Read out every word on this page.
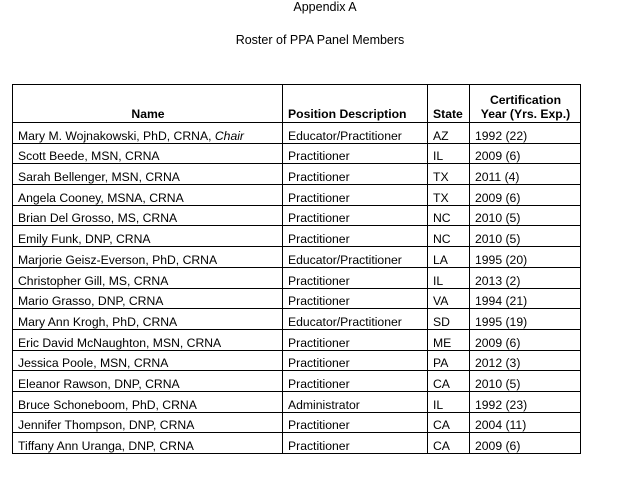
Appendix A

Roster of PPA Panel Members

Name	Position Description	State	Certification
Year (Yrs. Exp.)

Mary M. Wojnakowski, PhD, CRNA, Chair	Educator/Practitioner	AZ	1992 (22)
Scott Beede, MSN, CRNA	Practitioner	IL	2009 (6)
Sarah Bellenger, MSN, CRNA	Practitioner	TX	2011 (4)
Angela Cooney, MSNA, CRNA	Practitioner	TX	2009 (6)
Brian Del Grosso, MS, CRNA	Practitioner	NC	2010 (5)
Emily Funk, DNP, CRNA	Practitioner	NC	2010 (5)
Marjorie Geisz-Everson, PhD, CRNA	Educator/Practitioner	LA	1995 (20)
Christopher Gill, MS, CRNA	Practitioner	IL	2013 (2)
Mario Grasso, DNP, CRNA	Practitioner	VA	1994 (21)
Mary Ann Krogh, PhD, CRNA	Educator/Practitioner	SD	1995 (19)
Eric David McNaughton, MSN, CRNA	Practitioner	ME	2009 (6)
Jessica Poole, MSN, CRNA	Practitioner	PA	2012 (3)
Eleanor Rawson, DNP, CRNA	Practitioner	CA	2010 (5)
Bruce Schoneboom, PhD, CRNA	Administrator	IL	1992 (23)
Jennifer Thompson, DNP, CRNA	Practitioner	CA	2004 (11)
Tiffany Ann Uranga, DNP, CRNA	Practitioner	CA	2009 (6)
